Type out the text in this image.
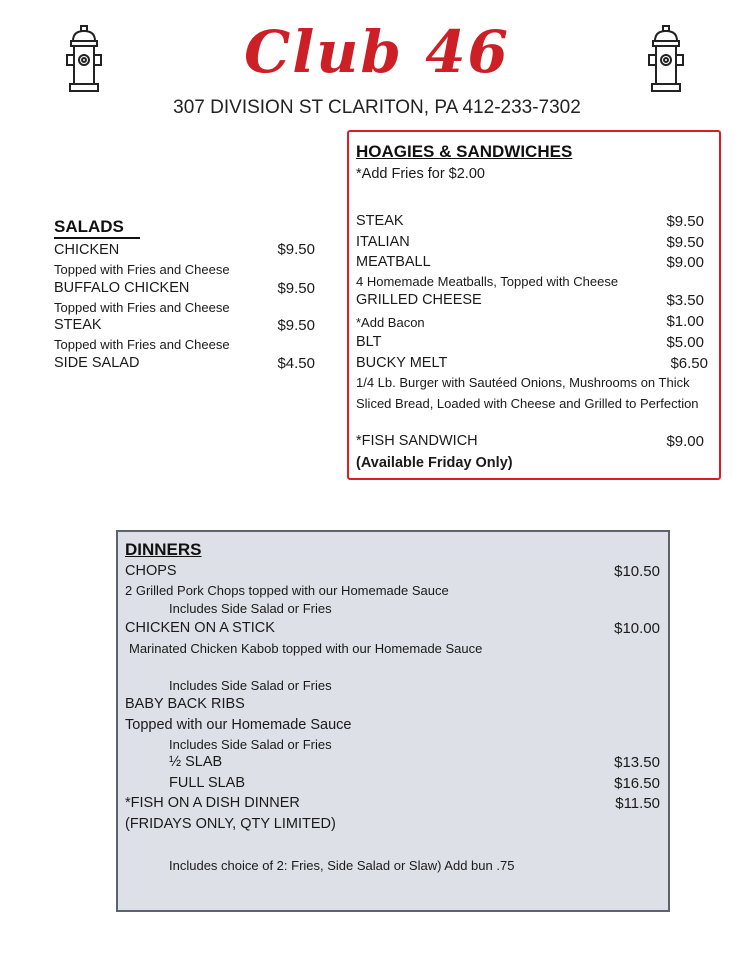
Club 46
307 DIVISION ST CLARITON, PA 412-233-7302
SALADS
CHICKEN	$9.50
Topped with Fries and Cheese
BUFFALO CHICKEN	$9.50
Topped with Fries and Cheese
STEAK	$9.50
Topped with Fries and Cheese
SIDE SALAD	$4.50
HOAGIES & SANDWICHES
*Add Fries for $2.00
STEAK	$9.50
ITALIAN	$9.50
MEATBALL	$9.00
4 Homemade Meatballs, Topped with Cheese
GRILLED CHEESE	$3.50
*Add Bacon	$1.00
BLT	$5.00
BUCKY MELT	$6.50
1/4 Lb. Burger with Sautéed Onions, Mushrooms on Thick
Sliced Bread, Loaded with Cheese and Grilled to Perfection
*FISH SANDWICH	$9.00
(Available Friday Only)
DINNERS
CHOPS	$10.50
2 Grilled Pork Chops topped with our Homemade Sauce
Includes Side Salad or Fries
CHICKEN ON A STICK	$10.00
Marinated Chicken Kabob topped with our Homemade Sauce
Includes Side Salad or Fries
BABY BACK RIBS
Topped with our Homemade Sauce
Includes Side Salad or Fries
½ SLAB	$13.50
FULL SLAB	$16.50
*FISH ON A DISH DINNER	$11.50
(FRIDAYS ONLY, QTY LIMITED)
Includes choice of 2: Fries, Side Salad or Slaw) Add bun .75
